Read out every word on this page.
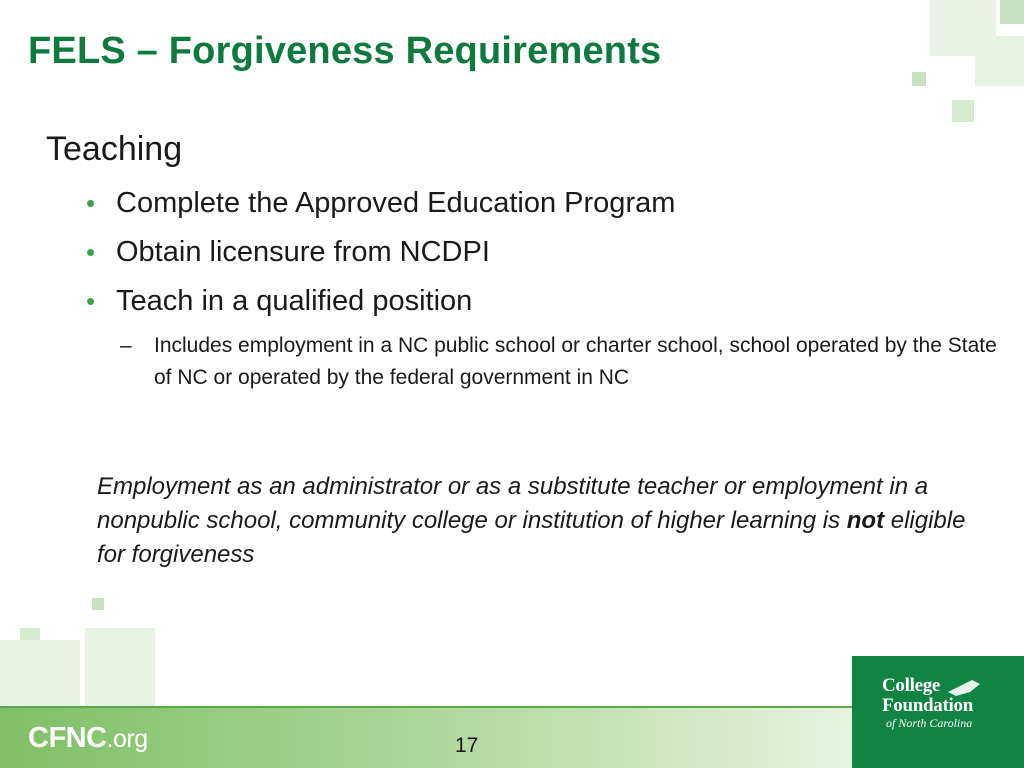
FELS – Forgiveness Requirements
Teaching
• Complete the Approved Education Program
• Obtain licensure from NCDPI
• Teach in a qualified position
– Includes employment in a NC public school or charter school, school operated by the State of NC or operated by the federal government in NC
Employment as an administrator or as a substitute teacher or employment in a nonpublic school, community college or institution of higher learning is not eligible for forgiveness
CFNC.org	17
College
Foundation
of North Carolina
